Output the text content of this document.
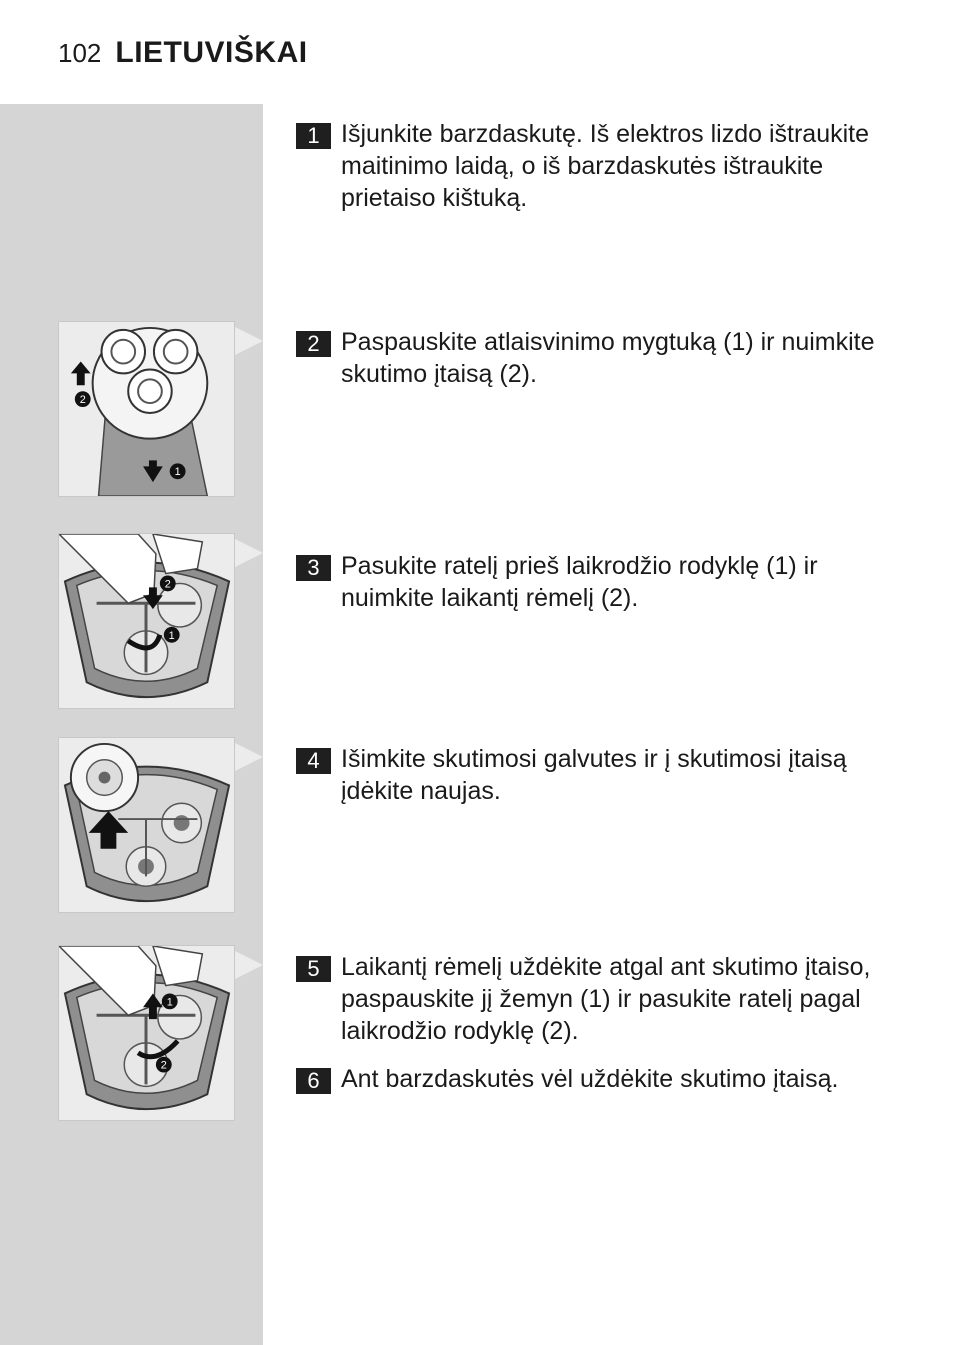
102 LIETUVIŠKAI
2
1
2
1
1
2
1 Išjunkite barzdaskutę. Iš elektros lizdo ištraukite maitinimo laidą, o iš barzdaskutės ištraukite prietaiso kištuką.
2 Paspauskite atlaisvinimo mygtuką (1) ir nuimkite skutimo įtaisą (2).
3 Pasukite ratelį prieš laikrodžio rodyklę (1) ir nuimkite laikantį rėmelį (2).
4 Išimkite skutimosi galvutes ir į skutimosi įtaisą įdėkite naujas.
5 Laikantį rėmelį uždėkite atgal ant skutimo įtaiso, paspauskite jį žemyn (1) ir pasukite ratelį pagal laikrodžio rodyklę (2).
6 Ant barzdaskutės vėl uždėkite skutimo įtaisą.
